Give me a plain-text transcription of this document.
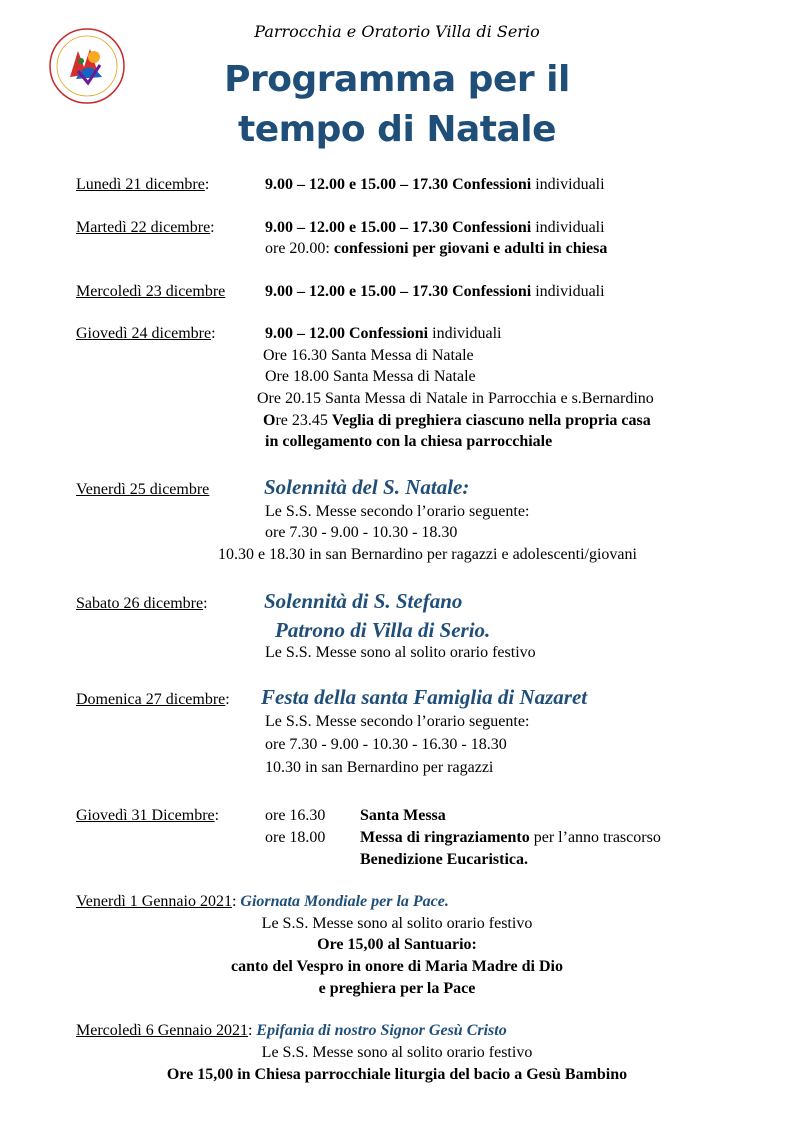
Parrocchia e Oratorio Villa di Serio
Programma per il
tempo di Natale
Lunedì 21 dicembre:	9.00 – 12.00 e 15.00 – 17.30 Confessioni individuali
Martedì 22 dicembre:	9.00 – 12.00 e 15.00 – 17.30 Confessioni individuali
ore 20.00: confessioni per giovani e adulti in chiesa
Mercoledì 23 dicembre 9.00 – 12.00 e 15.00 – 17.30 Confessioni individuali
Giovedì 24 dicembre:	9.00 – 12.00 Confessioni individuali
Ore 16.30 Santa Messa di Natale
Ore 18.00 Santa Messa di Natale
Ore 20.15 Santa Messa di Natale in Parrocchia e s.Bernardino
Ore 23.45 Veglia di preghiera ciascuno nella propria casa
in collegamento con la chiesa parrocchiale
Venerdì 25 dicembre	Solennità del S. Natale:
Le S.S. Messe secondo l’orario seguente:
ore 7.30 - 9.00 - 10.30 - 18.30
10.30 e 18.30 in san Bernardino per ragazzi e adolescenti/giovani
Sabato 26 dicembre:	Solennità di S. Stefano
Patrono di Villa di Serio.
Le S.S. Messe sono al solito orario festivo
Domenica 27 dicembre: Festa della santa Famiglia di Nazaret
Le S.S. Messe secondo l’orario seguente:
ore 7.30 - 9.00 - 10.30 - 16.30 - 18.30
10.30 in san Bernardino per ragazzi
Giovedì 31 Dicembre:	ore 16.30 Santa Messa
ore 18.00 Messa di ringraziamento per l’anno trascorso
Benedizione Eucaristica.
Venerdì 1 Gennaio 2021: Giornata Mondiale per la Pace.
Le S.S. Messe sono al solito orario festivo
Ore 15,00 al Santuario:
canto del Vespro in onore di Maria Madre di Dio
e preghiera per la Pace
Mercoledì 6 Gennaio 2021: Epifania di nostro Signor Gesù Cristo
Le S.S. Messe sono al solito orario festivo
Ore 15,00 in Chiesa parrocchiale liturgia del bacio a Gesù Bambino
